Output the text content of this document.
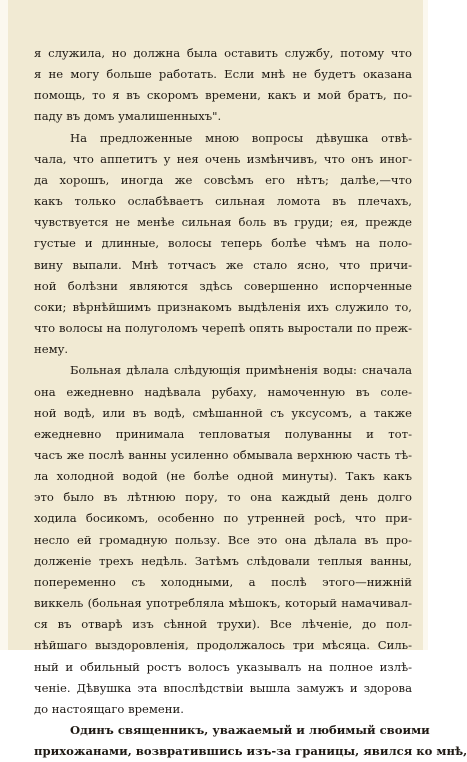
я служила, но должна была оставить службу, потому что
я не могу больше работать. Если мнѣ не будетъ оказана
помощь, то я въ скоромъ времени, какъ и мой братъ, по-
паду въ домъ умалишенныхъ".
На предложенные мною вопросы дѣвушка отвѣ-
чала, что аппетитъ у нея очень измѣнчивъ, что онъ иног-
да хорошъ, иногда же совсѣмъ его нѣтъ; далѣе,—что
какъ только ослабѣваетъ сильная ломота въ плечахъ,
чувствуется не менѣе сильная боль въ груди; ея, прежде
густые и длинные, волосы теперь болѣе чѣмъ на поло-
вину выпали. Мнѣ тотчасъ же стало ясно, что причи-
ной болѣзни являются здѣсь совершенно испорченные
соки; вѣрнѣйшимъ признакомъ выдѣленія ихъ служило то,
что волосы на полуголомъ черепѣ опять выростали по преж-
нему.
Больная дѣлала слѣдующія примѣненія воды: сначала
она ежедневно надѣвала рубаху, намоченную въ соле-
ной водѣ, или въ водѣ, смѣшанной съ уксусомъ, а также
ежедневно принимала тепловатыя полуванны и тот-
часъ же послѣ ванны усиленно обмывала верхнюю часть тѣ-
ла холодной водой (не болѣе одной минуты). Такъ какъ
это было въ лѣтнюю пору, то она каждый день долго
ходила босикомъ, особенно по утренней росѣ, что при-
несло ей громадную пользу. Все это она дѣлала въ про-
долженіе трехъ недѣль. Затѣмъ слѣдовали теплыя ванны,
попеременно съ холодными, а послѣ этого—нижній
виккель (больная употребляла мѣшокъ, который намачивал-
ся въ отварѣ изъ сѣнной трухи). Все лѣченіе, до пол-
нѣйшаго выздоровленія, продолжалось три мѣсяца. Силь-
ный и обильный ростъ волосъ указывалъ на полное излѣ-
ченіе. Дѣвушка эта впослѣдствіи вышла замужъ и здорова
до настоящаго времени.
Одинъ священникъ, уважаемый и любимый своими
прихожанами, возвратившись изъ-за границы, явился ко мнѣ,
